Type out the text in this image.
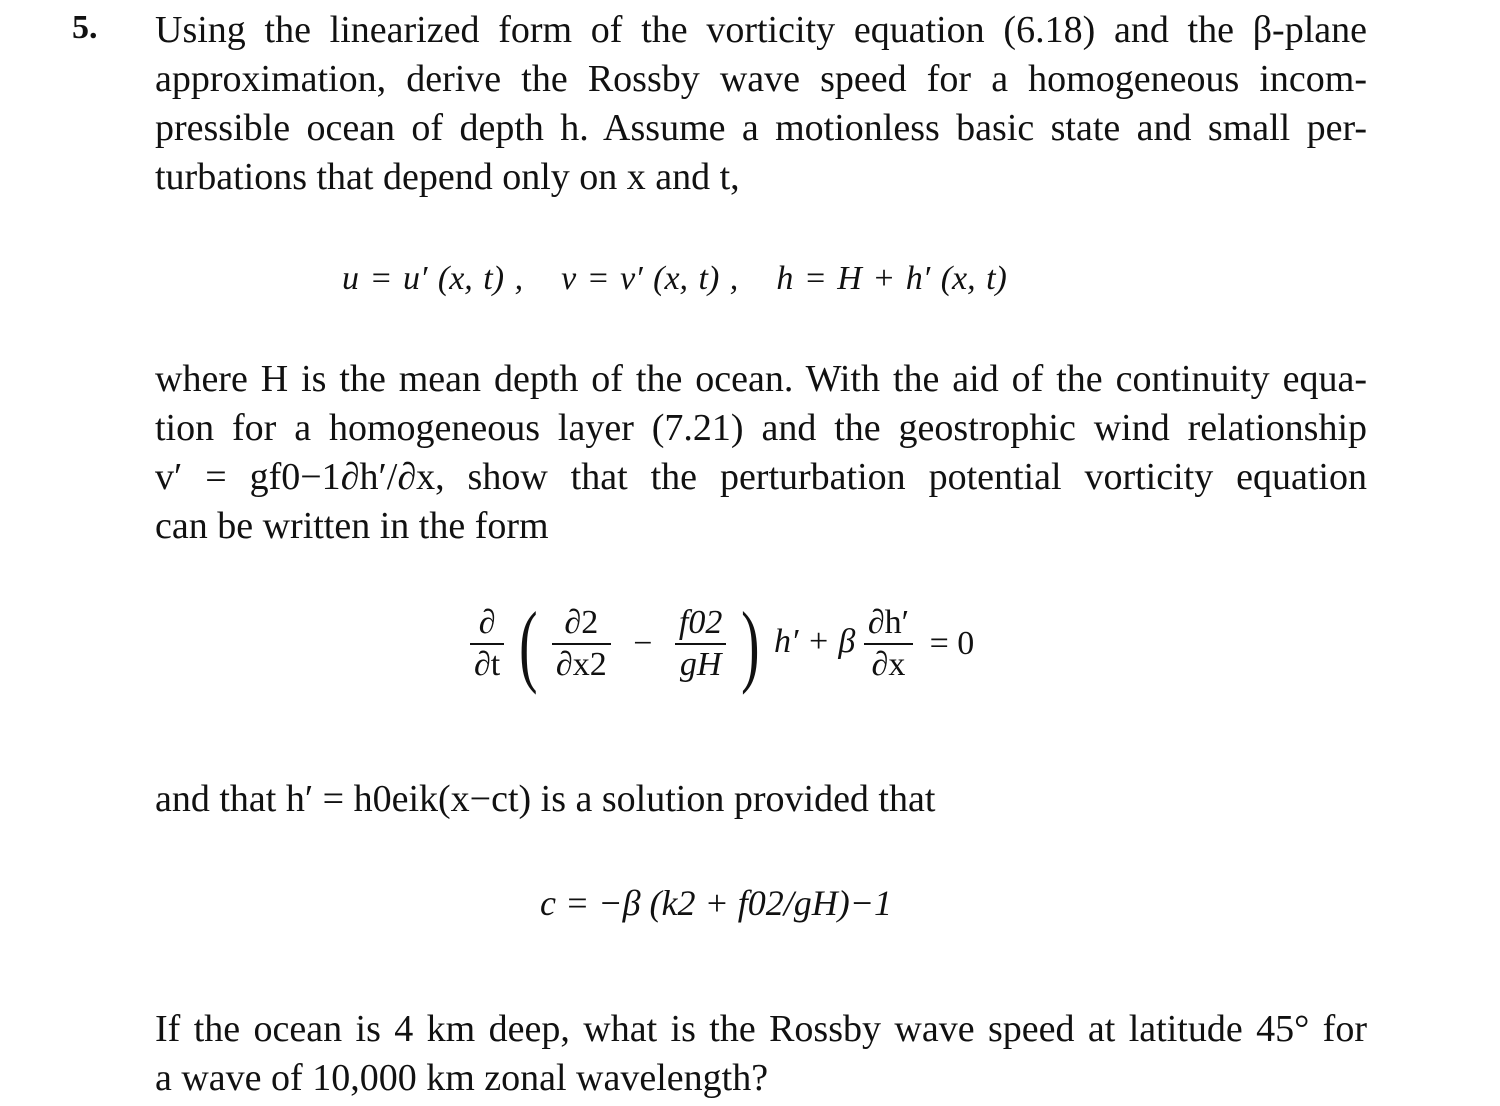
5. Using the linearized form of the vorticity equation (6.18) and the β-plane
approximation, derive the Rossby wave speed for a homogeneous incom-
pressible ocean of depth h. Assume a motionless basic state and small per-
turbations that depend only on x and t,
u = u′ (x, t) , v = v′ (x, t) , h = H + h′ (x, t)
where H is the mean depth of the ocean. With the aid of the continuity equa-
tion for a homogeneous layer (7.21) and the geostrophic wind relationship
v′ = gf0−1∂h′/∂x, show that the perturbation potential vorticity equation
can be written in the form
$\frac{\partial}{\partial t}$ ( $\frac{\partial 2}{\partial x2} - \frac{f02}{gH}$ ) h′ + β $\frac{\partial h'}{\partial x} = 0$
and that h′ = h0eik(x−ct) is a solution provided that
c = −β (k2 + f02/gH)−1
If the ocean is 4 km deep, what is the Rossby wave speed at latitude 45° for
a wave of 10,000 km zonal wavelength?
